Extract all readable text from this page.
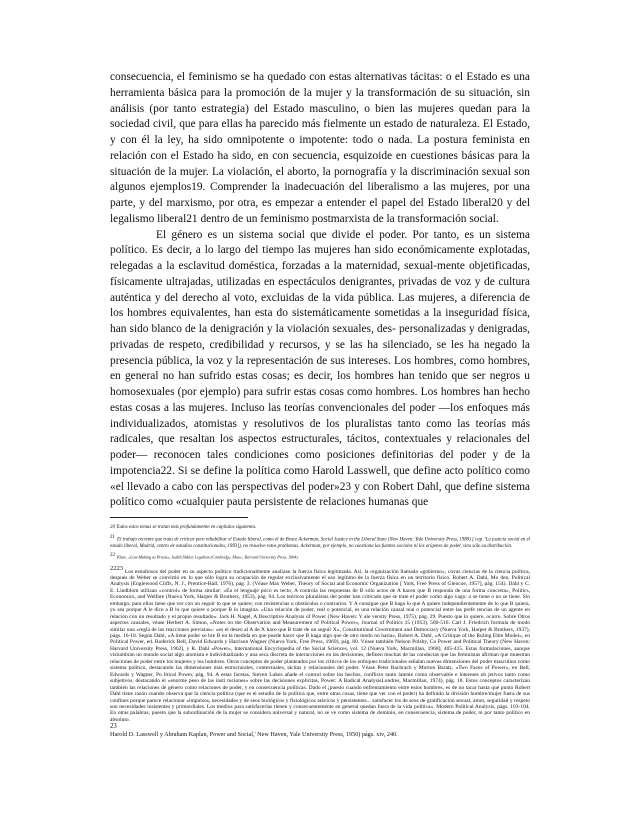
consecuencia, el feminismo se ha quedado con estas alternativas tácitas: o el Estado es una herramienta básica para la promoción de la mujer y la transformación de su situación, sin análisis (por tanto estrategia) del Estado masculino, o bien las mujeres quedan para la sociedad civil, que para ellas ha parecido más fielmente un estado de naturaleza. El Estado, y con él la ley, ha sido omnipotente o impotente: todo o nada. La postura feminista en relación con el Estado ha sido, en con secuencia, esquizoide en cuestiones básicas para la situación de la mujer. La violación, el aborto, la pornografía y la discriminación sexual son algunos ejemplos19. Comprender la inadecuación del liberalismo a las mujeres, por una parte, y del marxismo, por otra, es empezar a entender el papel del Estado liberal20 y del legalismo liberal21 dentro de un feminismo postmarxista de la transformación social.

El género es un sistema social que divide el poder. Por tanto, es un sistema político. Es decir, a lo largo del tiempo las mujeres han sido económicamente explotadas, relegadas a la esclavitud doméstica, forzadas a la maternidad, sexual-mente objetificadas, físicamente ultrajadas, utilizadas en espectáculos denigrantes, privadas de voz y de cultura auténtica y del derecho al voto, excluidas de la vida pública. Las mujeres, a diferencia de los hombres equivalentes, han esta do sistemáticamente sometidas a la inseguridad física, han sido blanco de la denigración y la violación sexuales, des- personalizadas y denigradas, privadas de respeto, credibilidad y recursos, y se las ha silenciado, se les ha negado la presencia pública, la voz y la representación de sus intereses. Los hombres, como hombres, en general no han sufrido estas cosas; es decir, los hombres han tenido que ser negros u homosexuales (por ejemplo) para sufrir estas cosas como hombres. Los hombres han hecho estas cosas a las mujeres. Incluso las teorías convencionales del poder —los enfoques más individualizados, atomistas y resolutivos de los pluralistas tanto como las teorías más radicales, que resaltan los aspectos estructurales, tácitos, contextuales y relacionales del poder— reconocen tales condiciones como posiciones definitorias del poder y de la impotencia22. Si se define la política como Harold Lasswell, que define acto político como «el llevado a cabo con las perspectivas del poder»23 y con Robert Dahl, que define sistema político como «cualquier pauta persistente de relaciones humanas que

20 Todos estos temas se tratan más profundamente en capítulos siguientes.

21El trabajo reciente que trata de criticar pero rehabilitar el Estado liberal, como el de Bruce Ackerman, Social Justice in the Liberal State (New Haven: Yale University Press, 1980) [ cap. 'La justicia social en el estado liberal, Madrid, centro de estudios constitucionales, 1993]), no resuelve estos problemas. Ackerman, por ejemplo, no cuestiona las fuentes sociales ni los orígenes de poder, sino sólo su distribución.

22 Klare, «Law-Making as Praxis», Judith Shklar, Legalism (Cambridge, Mass.; Harvard University Press, 1964).

2223 Los estudiosos del poder en su aspecto político tradicionalmente analizan la fuerza física legitimada. Así, la organización llamada «gobierno», cuyas ciencias de la ciencia política, después de Weber se convirtió en lo que sólo logra su ocupación de regular exclusivamente el uso legítimo de la fuerza física en un territorio físico. Robert A. Dahl, Mo den, Political Analysis (Englewood Cliffs, N. J., Prentice-Hall, 1976), pág. 3. (Véase Max Weber, Theory of Social and Economic Organization [ York, Free Press of Glencoe, 1957], pág. 154). Dahl y C. E. Lindblom utilizan «control» de forma similar: «En el lenguaje poco es tecto, A controla las respuestas de B sólo actos de A hacen que B responda de una forma concreta», Politics, Economics, and Welfare (Nueva York, Harper & Brothers, 1953), pág. 94. Los teóricos pluralistas del poder han criticado que se trate el poder como algo vago: o se tiene o no se tiene. Sin embargo, para ellos tiene que ver con un seguir lo que se quiere; con resistencias u obstáculos o contrarios. Y A consigue que B haga lo que A quiere independientemente de lo que B quiera, yo sea porque A le dice a B lo que quiere o porque B lo imagina. «Una relación de poder, real o potencial, es una relación causal real o potencial entre las prefe rencias de un agente en relación con un resultado y el propio resultado». Jack H. Nagel, A Descriptive Analysis of Power (New Haven: Y ale versity Press, 1975), pág. 29. Puesto que lo quiere, ocurre. Sobre Otros aspectos causales, véase Herbert A. Simon, «Notes on the Observation and Measurement of Political Power», Journal of Politics 15 (1953), 500-516. Carl J. Friedrich formula de modo similar una «regla de las reacciones previstas»: «es el deseo al A de X hace que B trate de un seguir X», Constitutional Government and Democracy (Nueva York, Harper & Brothers, 1937), págs. 16-18. Según Dahl, «A tiene poder so bre B en la medida en que puede hacer que B haga algo que de otro modo no haría», Robert A. Dahl, «A Critique of the Ruling Elite Model», en Political Power, ed. Roderick Bell, David Edwards y Harrison Wagner (Nueva York, Free Press, 1969), pág. 80. Véase también Nelson Polsby, Co Power and Political Theory (New Haven: Harvard University Press, 1962), y R. Dahl «Power», International Encyclopedia of the Social Sciences, vol. 12 (Nueva York, Macmillan, 1968), 405-415. Estas formulaciones, aunque vislumbran un mundo social algo atomista e individualizado y una seca discreta de interacciones en las decisiones, definen muchas de las conductas que las feministas afirman que muestran relaciones de poder entre los mujeres y los hombres. Otros conceptos de poder planteados por los críticos de los enfoques tradicionales señalan nuevas dimensiones del poder masculino como sistema político, destacando las dimensiones más estructurales, contextuales, tácitas y relacionales del poder. Véase Peter Bachrach y Morton Baratz, «Two Faces of Power», en Bell, Edwards y Wagner, Po litical Power, pág. 94. A estas facetas, Steven Lukes añade el control sobre los hechos, conflicto tanto latente como observable e intereses ob jetivos tanto como subjetivos, destacando el «enorme peso de las insti tuciones» sobre las decisiones explícitas, Power: A Radical AnalysisLondres, Macmillan, 1974), pág. 18. Estos conceptos caracterizan también las relaciones de género como relaciones de poder, y en consecuencia políticas. Dado el ¡puesto cuando enfrentamiento entre estos hombres, es de no tacar hasta qué punto Robert Dahl tiene razón cuando observa que la ciencia política (que es el estudio de la política que, entre otras cosas, tiene que ver con el poder) ha definido la división hombre/mujer fuera de sus confines porque parece relacionar «impulsos, necesidades y de seos biológicos y fisiológicos atávicos y persistentes... satisfacer los de seos de gratificación sexual, amor, seguridad y respeto son necesidades insistentes y primordiales. Los medios para satisfacerlas tienen y consecuentemente en general quedan fuera de la vida política», Modern Political Analysis, págs. 103-104. En otras palabras, puesto que la subordinación de la mujer se considera universal y natural, no se ve como sistema de dominio, en consecuencia, sistema de poder, ni por tanto político en absoluto.

23
Harold D. Lasswell y Abraham Kaplan, Power and Social,' New Haven, Yale University Press, 1950) págs. xiv, 240.
